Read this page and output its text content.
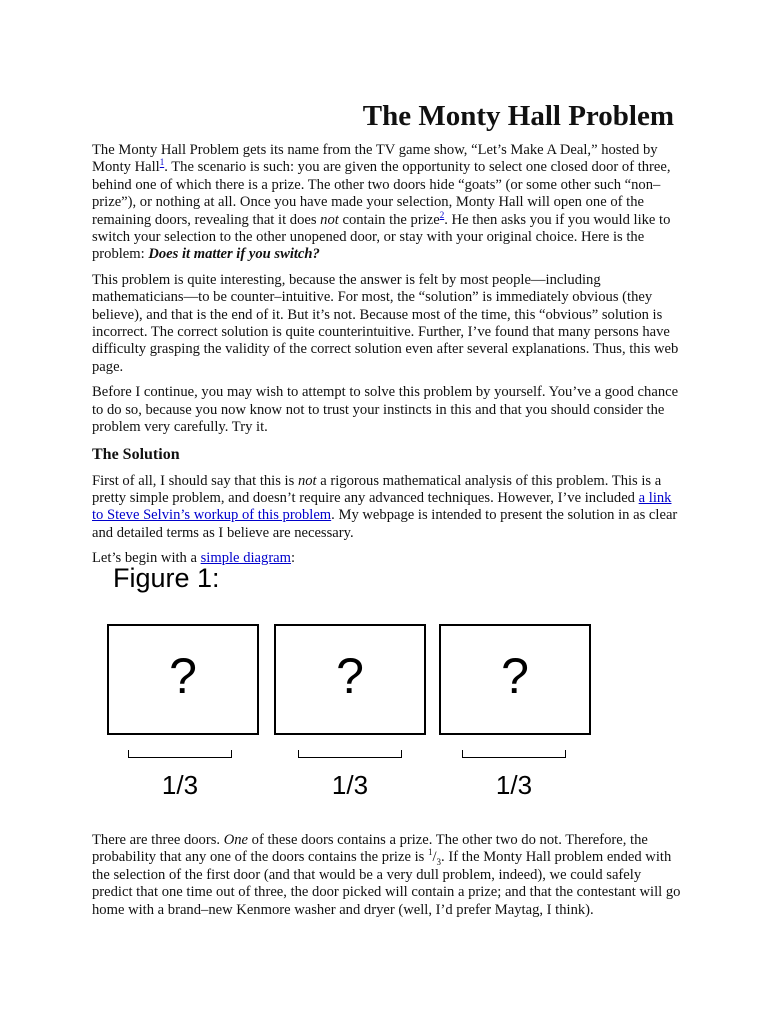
The Monty Hall Problem

The Monty Hall Problem gets its name from the TV game show, “Let’s Make A Deal,” hosted by Monty Hall$^1$. The scenario is such: you are given the opportunity to select one closed door of three, behind one of which there is a prize. The other two doors hide “goats” (or some other such “non–prize”), or nothing at all. Once you have made your selection, Monty Hall will open one of the remaining doors, revealing that it does not contain the prize$^2$. He then asks you if you would like to switch your selection to the other unopened door, or stay with your original choice. Here is the problem: Does it matter if you switch?

This problem is quite interesting, because the answer is felt by most people—including mathematicians—to be counter–intuitive. For most, the “solution” is immediately obvious (they believe), and that is the end of it. But it’s not. Because most of the time, this “obvious” solution is incorrect. The correct solution is quite counterintuitive. Further, I’ve found that many persons have difficulty grasping the validity of the correct solution even after several explanations. Thus, this web page.

Before I continue, you may wish to attempt to solve this problem by yourself. You’ve a good chance to do so, because you now know not to trust your instincts in this and that you should consider the problem very carefully. Try it.

The Solution

First of all, I should say that this is not a rigorous mathematical analysis of this problem. This is a pretty simple problem, and doesn’t require any advanced techniques. However, I’ve included a link to Steve Selvin’s workup of this problem. My webpage is intended to present the solution in as clear and detailed terms as I believe are necessary.

Let’s begin with a simple diagram:

Figure 1:
?	?	?
1/3	1/3	1/3

There are three doors. One of these doors contains a prize. The other two do not. Therefore, the probability that any one of the doors contains the prize is $^1/_3$. If the Monty Hall problem ended with the selection of the first door (and that would be a very dull problem, indeed), we could safely predict that one time out of three, the door picked will contain a prize; and that the contestant will go home with a brand–new Kenmore washer and dryer (well, I’d prefer Maytag, I think).
